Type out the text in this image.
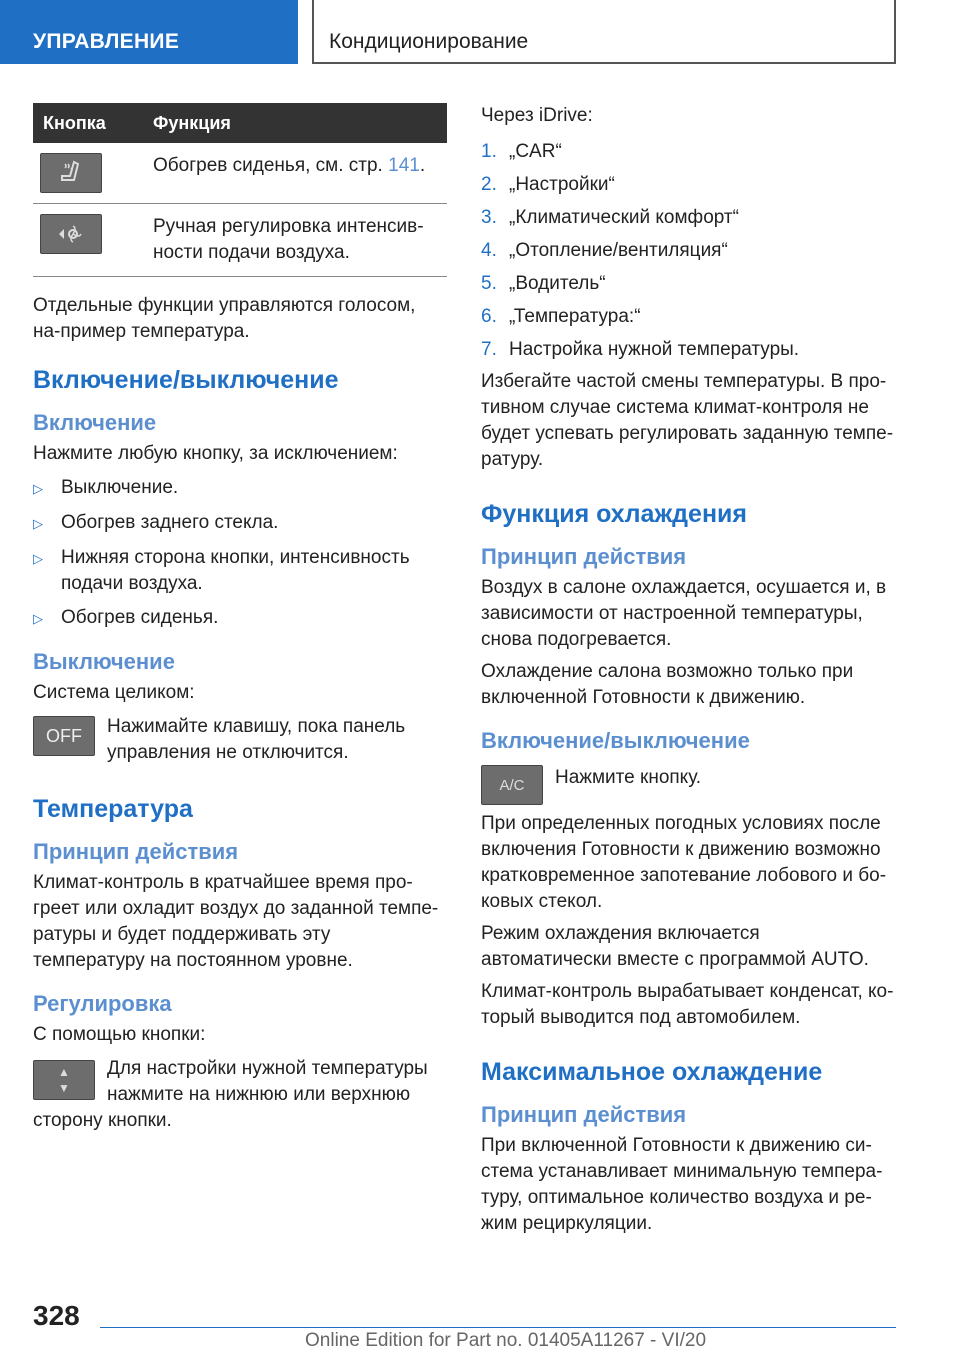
УПРАВЛЕНИЕ	Кондиционирование
Кнопка	Функция

	Обогрев сиденья, см. стр. 141.

	Ручная регулировка интенсив-ности подачи воздуха.

Отдельные функции управляются голосом, на-пример температура.

Включение/выключение
Включение

Нажмите любую кнопку, за исключением:

▷ Выключение.
▷ Обогрев заднего стекла.
▷ Нижняя сторона кнопки, интенсивность подачи воздуха.
▷ Обогрев сиденья.
Выключение

Система целиком:

OFF	Нажимайте клавишу, пока панель управления не отключится.

Температура
Принцип действия

Климат-контроль в кратчайшее время про-греет или охладит воздух до заданной темпе-ратуры и будет поддерживать эту температуру на постоянном уровне.

Регулировка

С помощью кнопки:

▲
▼

Для настройки нужной температуры нажмите на нижнюю или верхнюю сторону кнопки.

Через iDrive:

1. „CAR“
2. „Настройки“
3. „Климатический комфорт“
4. „Отопление/вентиляция“
5. „Водитель“
6. „Температура:“
7. Настройка нужной температуры.

Избегайте частой смены температуры. В про-тивном случае система климат-контроля не будет успевать регулировать заданную темпе-ратуру.

Функция охлаждения
Принцип действия

Воздух в салоне охлаждается, осушается и, в зависимости от настроенной температуры, снова подогревается.

Охлаждение салона возможно только при включенной Готовности к движению.

Включение/выключение
A/C	Нажмите кнопку.

При определенных погодных условиях после включения Готовности к движению возможно кратковременное запотевание лобового и бо-ковых стекол.

Режим охлаждения включается автоматически вместе с программой AUTO.

Климат-контроль вырабатывает конденсат, ко-торый выводится под автомобилем.

Максимальное охлаждение
Принцип действия

При включенной Готовности к движению си-стема устанавливает минимальную темпера-туру, оптимальное количество воздуха и ре-жим рециркуляции.

328
Online Edition for Part no. 01405A11267 - VI/20
